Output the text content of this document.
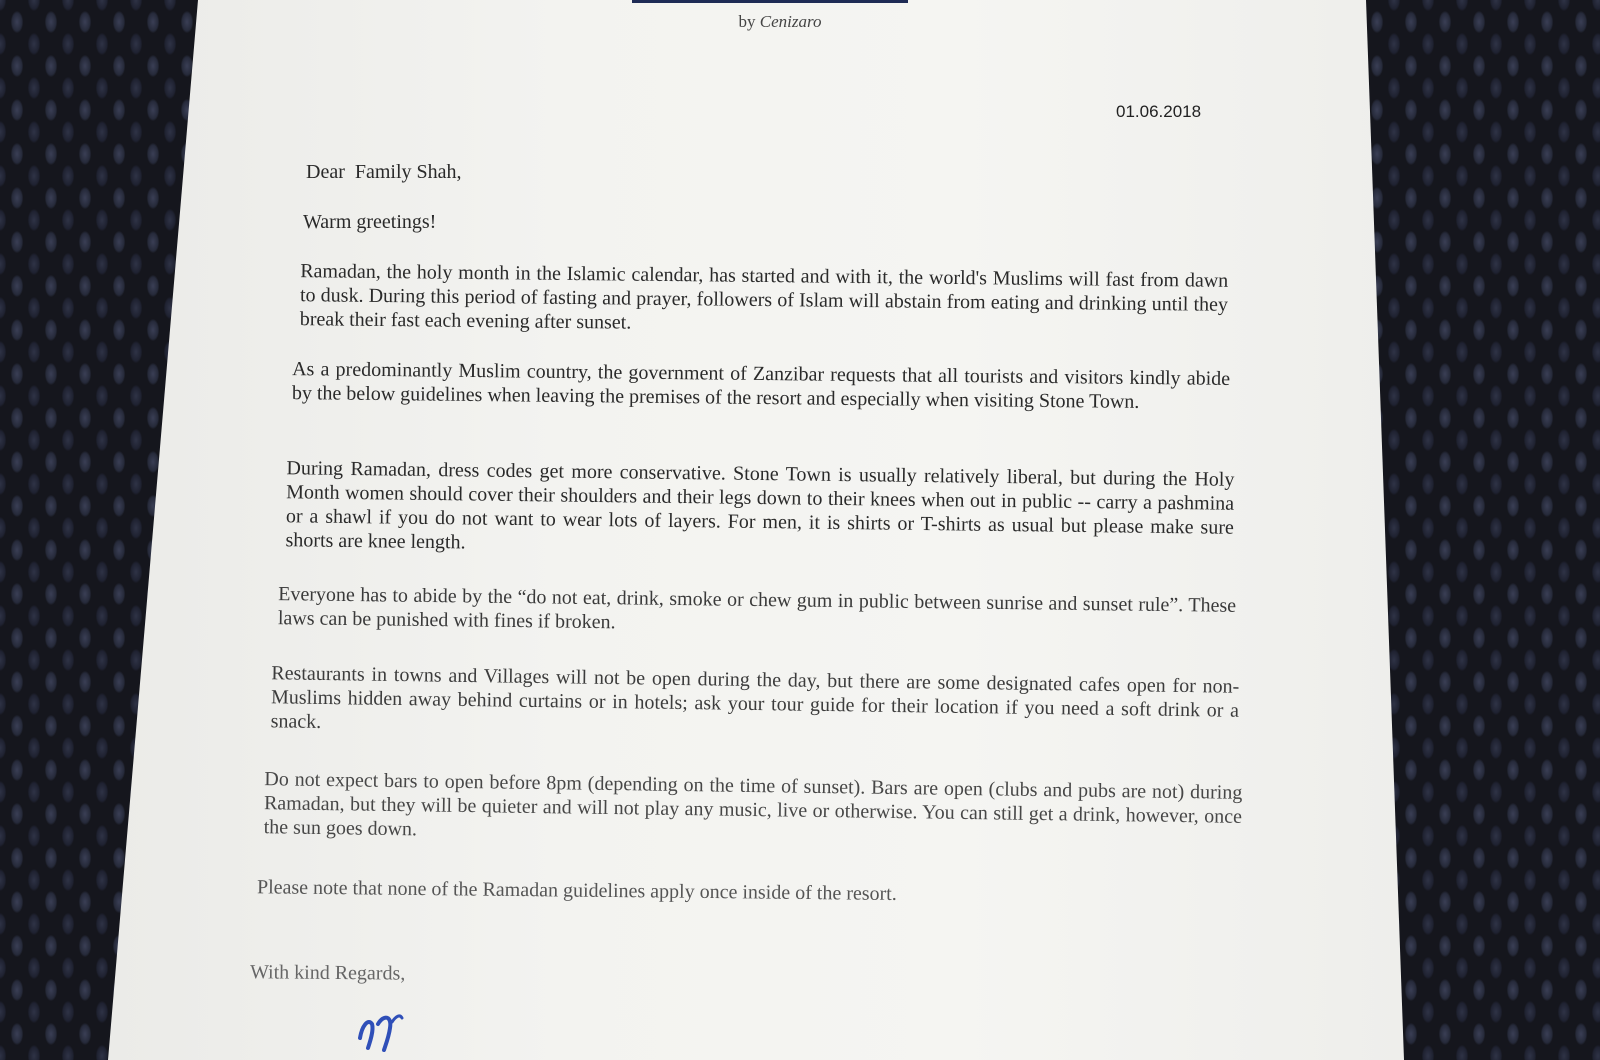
by Cenizaro
01.06.2018

Dear  Family Shah,

Warm greetings!

Ramadan, the holy month in the Islamic calendar, has started and with it, the world's Muslims will fast from dawn to dusk. During this period of fasting and prayer, followers of Islam will abstain from eating and drinking until they break their fast each evening after sunset.

As a predominantly Muslim country, the government of Zanzibar requests that all tourists and visitors kindly abide by the below guidelines when leaving the premises of the resort and especially when visiting Stone Town.

During Ramadan, dress codes get more conservative. Stone Town is usually relatively liberal, but during the Holy Month women should cover their shoulders and their legs down to their knees when out in public -- carry a pashmina or a shawl if you do not want to wear lots of layers. For men, it is shirts or T-shirts as usual but please make sure shorts are knee length.

Everyone has to abide by the “do not eat, drink, smoke or chew gum in public between sunrise and sunset rule”. These laws can be punished with fines if broken.

Restaurants in towns and Villages will not be open during the day, but there are some designated cafes open for non-Muslims hidden away behind curtains or in hotels; ask your tour guide for their location if you need a soft drink or a snack.

Do not expect bars to open before 8pm (depending on the time of sunset). Bars are open (clubs and pubs are not) during Ramadan, but they will be quieter and will not play any music, live or otherwise. You can still get a drink, however, once the sun goes down.

Please note that none of the Ramadan guidelines apply once inside of the resort.

With kind Regards,
